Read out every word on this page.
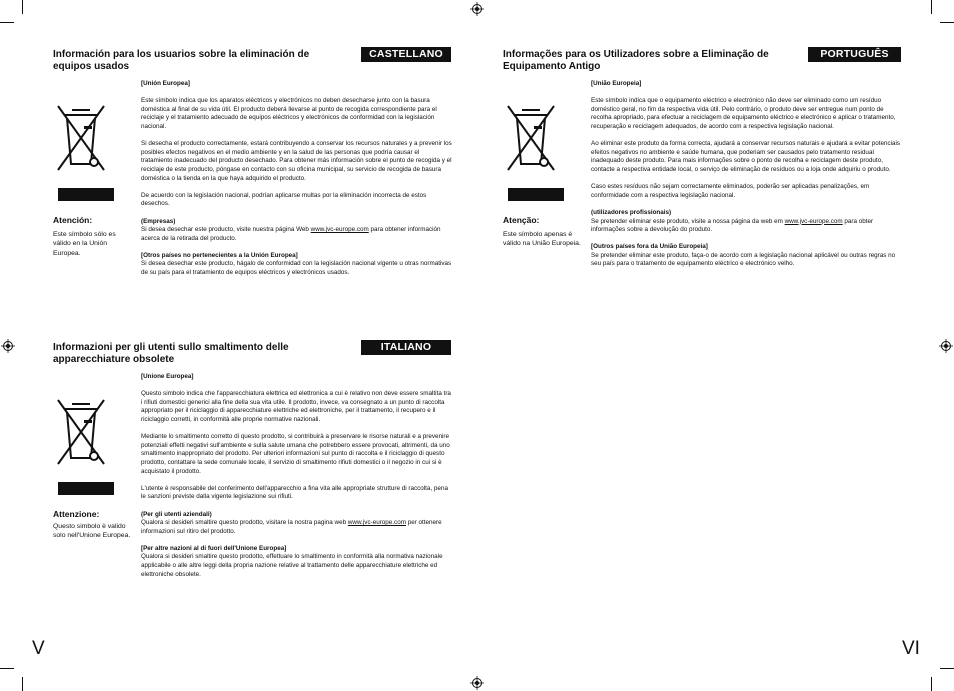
Información para los usuarios sobre la eliminación de equipos usados
CASTELLANO
Atención:
Este símbolo sólo es válido en la Unión Europea.

[Unión Europea]

Este símbolo indica que los aparatos eléctricos y electrónicos no deben desecharse junto con la basura doméstica al final de su vida útil. El producto deberá llevarse al punto de recogida correspondiente para el reciclaje y el tratamiento adecuado de equipos eléctricos y electrónicos de conformidad con la legislación nacional.

Si desecha el producto correctamente, estará contribuyendo a conservar los recursos naturales y a prevenir los posibles efectos negativos en el medio ambiente y en la salud de las personas que podría causar el tratamiento inadecuado del producto desechado. Para obtener más información sobre el punto de recogida y el reciclaje de este producto, póngase en contacto con su oficina municipal, su servicio de recogida de basura doméstica o la tienda en la que haya adquirido el producto.

De acuerdo con la legislación nacional, podrían aplicarse multas por la eliminación incorrecta de estos desechos.

(Empresas)

Si desea desechar este producto, visite nuestra página Web www.jvc-europe.com para obtener información acerca de la retirada del producto.

[Otros países no pertenecientes a la Unión Europea]

Si desea desechar este producto, hágalo de conformidad con la legislación nacional vigente u otras normativas de su país para el tratamiento de equipos eléctricos y electrónicos usados.

Informazioni per gli utenti sullo smaltimento delle apparecchiature obsolete
ITALIANO
Attenzione:
Questo simbolo è valido solo nell'Unione Europea.

[Unione Europea]

Questo simbolo indica che l'apparecchiatura elettrica ed elettronica a cui è relativo non deve essere smaltita tra i rifiuti domestici generici alla fine della sua vita utile. Il prodotto, invece, va consegnato a un punto di raccolta appropriato per il riciclaggio di apparecchiature elettriche ed elettroniche, per il trattamento, il recupero e il riciclaggio corretti, in conformità alle proprie normative nazionali.

Mediante lo smaltimento corretto di questo prodotto, si contribuirà a preservare le risorse naturali e a prevenire potenziali effetti negativi sull'ambiente e sulla salute umana che potrebbero essere provocati, altrimenti, da uno smaltimento inappropriato del prodotto. Per ulteriori informazioni sul punto di raccolta e il riciclaggio di questo prodotto, contattare la sede comunale locale, il servizio di smaltimento rifiuti domestici o il negozio in cui si è acquistato il prodotto.

L'utente è responsabile del conferimento dell'apparecchio a fina vita alle appropriate strutture di raccolta, pena le sanzioni previste dalla vigente legislazione sui rifiuti.

(Per gli utenti aziendali)

Qualora si desideri smaltire questo prodotto, visitare la nostra pagina web www.jvc-europe.com per ottenere informazioni sul ritiro del prodotto.

[Per altre nazioni al di fuori dell'Unione Europea]

Qualora si desideri smaltire questo prodotto, effettuare lo smaltimento in conformità alla normativa nazionale applicabile o alle altre leggi della propria nazione relative al trattamento delle apparecchiature elettriche ed elettroniche obsolete.

Informações para os Utilizadores sobre a Eliminação de Equipamento Antigo
PORTUGUÊS
Atenção:
Este símbolo apenas é válido na União Europeia.

[União Europeia]

Este símbolo indica que o equipamento eléctrico e electrónico não deve ser eliminado como um resíduo doméstico geral, no fim da respectiva vida útil. Pelo contrário, o produto deve ser entregue num ponto de recolha apropriado, para efectuar a reciclagem de equipamento eléctrico e electrónico e aplicar o tratamento, recuperação e reciclagem adequados, de acordo com a respectiva legislação nacional.

Ao eliminar este produto da forma correcta, ajudará a conservar recursos naturais e ajudará a evitar potenciais efeitos negativos no ambiente e saúde humana, que poderiam ser causados pelo tratamento residual inadequado deste produto. Para mais informações sobre o ponto de recolha e reciclagem deste produto, contacte a respectiva entidade local, o serviço de eliminação de resíduos ou a loja onde adquiriu o produto.

Caso estes resíduos não sejam correctamente eliminados, poderão ser aplicadas penalizações, em conformidade com a respectiva legislação nacional.

(utilizadores profissionais)

Se pretender eliminar este produto, visite a nossa página da web em www.jvc-europe.com para obter informações sobre a devolução do produto.

[Outros países fora da União Europeia]

Se pretender eliminar este produto, faça-o de acordo com a legislação nacional aplicável ou outras regras no seu país para o tratamento de equipamento eléctrico e electrónico velho.

V	VI
